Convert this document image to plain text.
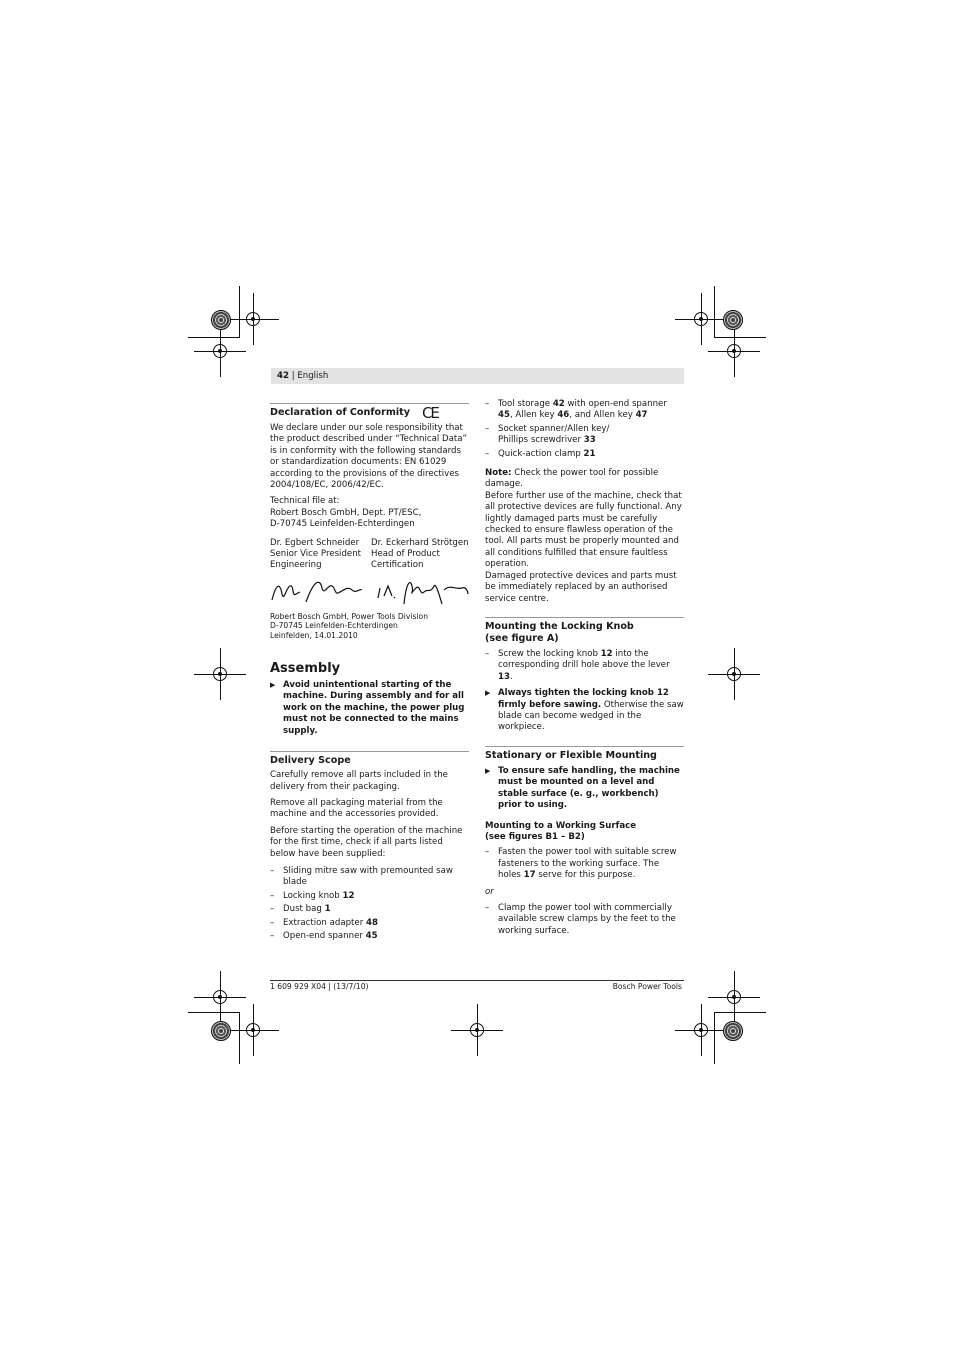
42 | English
Declaration of Conformity CE

We declare under our sole responsibility that the product described under “Technical Data” is in conformity with the following standards or standardization documents: EN 61029 according to the provisions of the directives 2004/108/EC, 2006/42/EC.

Technical file at:
Robert Bosch GmbH, Dept. PT/ESC,
D-70745 Leinfelden-Echterdingen

Dr. Egbert Schneider
Senior Vice President
Engineering
Dr. Eckerhard Strötgen
Head of Product
Certification
Robert Bosch GmbH, Power Tools Division
D-70745 Leinfelden-Echterdingen
Leinfelden, 14.01.2010
Assembly

▶ Avoid unintentional starting of the machine. During assembly and for all work on the machine, the power plug must not be connected to the mains supply.

Delivery Scope

Carefully remove all parts included in the delivery from their packaging.

Remove all packaging material from the machine and the accessories provided.

Before starting the operation of the machine for the first time, check if all parts listed below have been supplied:

– Sliding mitre saw with premounted saw blade
– Locking knob 12
– Dust bag 1
– Extraction adapter 48
– Open-end spanner 45
– Tool storage 42 with open-end spanner 45, Allen key 46, and Allen key 47
– Socket spanner/Allen key/
Phillips screwdriver 33
– Quick-action clamp 21

Note: Check the power tool for possible damage.

Before further use of the machine, check that all protective devices are fully functional. Any lightly damaged parts must be carefully checked to ensure flawless operation of the tool. All parts must be properly mounted and all conditions fulfilled that ensure faultless operation.

Damaged protective devices and parts must be immediately replaced by an authorised service centre.

Mounting the Locking Knob
(see figure A)
– Screw the locking knob 12 into the corresponding drill hole above the lever 13.

▶ Always tighten the locking knob 12 firmly before sawing. Otherwise the saw blade can become wedged in the workpiece.

Stationary or Flexible Mounting

▶ To ensure safe handling, the machine must be mounted on a level and stable surface (e. g., workbench) prior to using.

Mounting to a Working Surface
(see figures B1 – B2)
– Fasten the power tool with suitable screw fasteners to the working surface. The holes 17 serve for this purpose.

or

– Clamp the power tool with commercially available screw clamps by the feet to the working surface.
1 609 929 X04 | (13/7/10)	Bosch Power Tools
